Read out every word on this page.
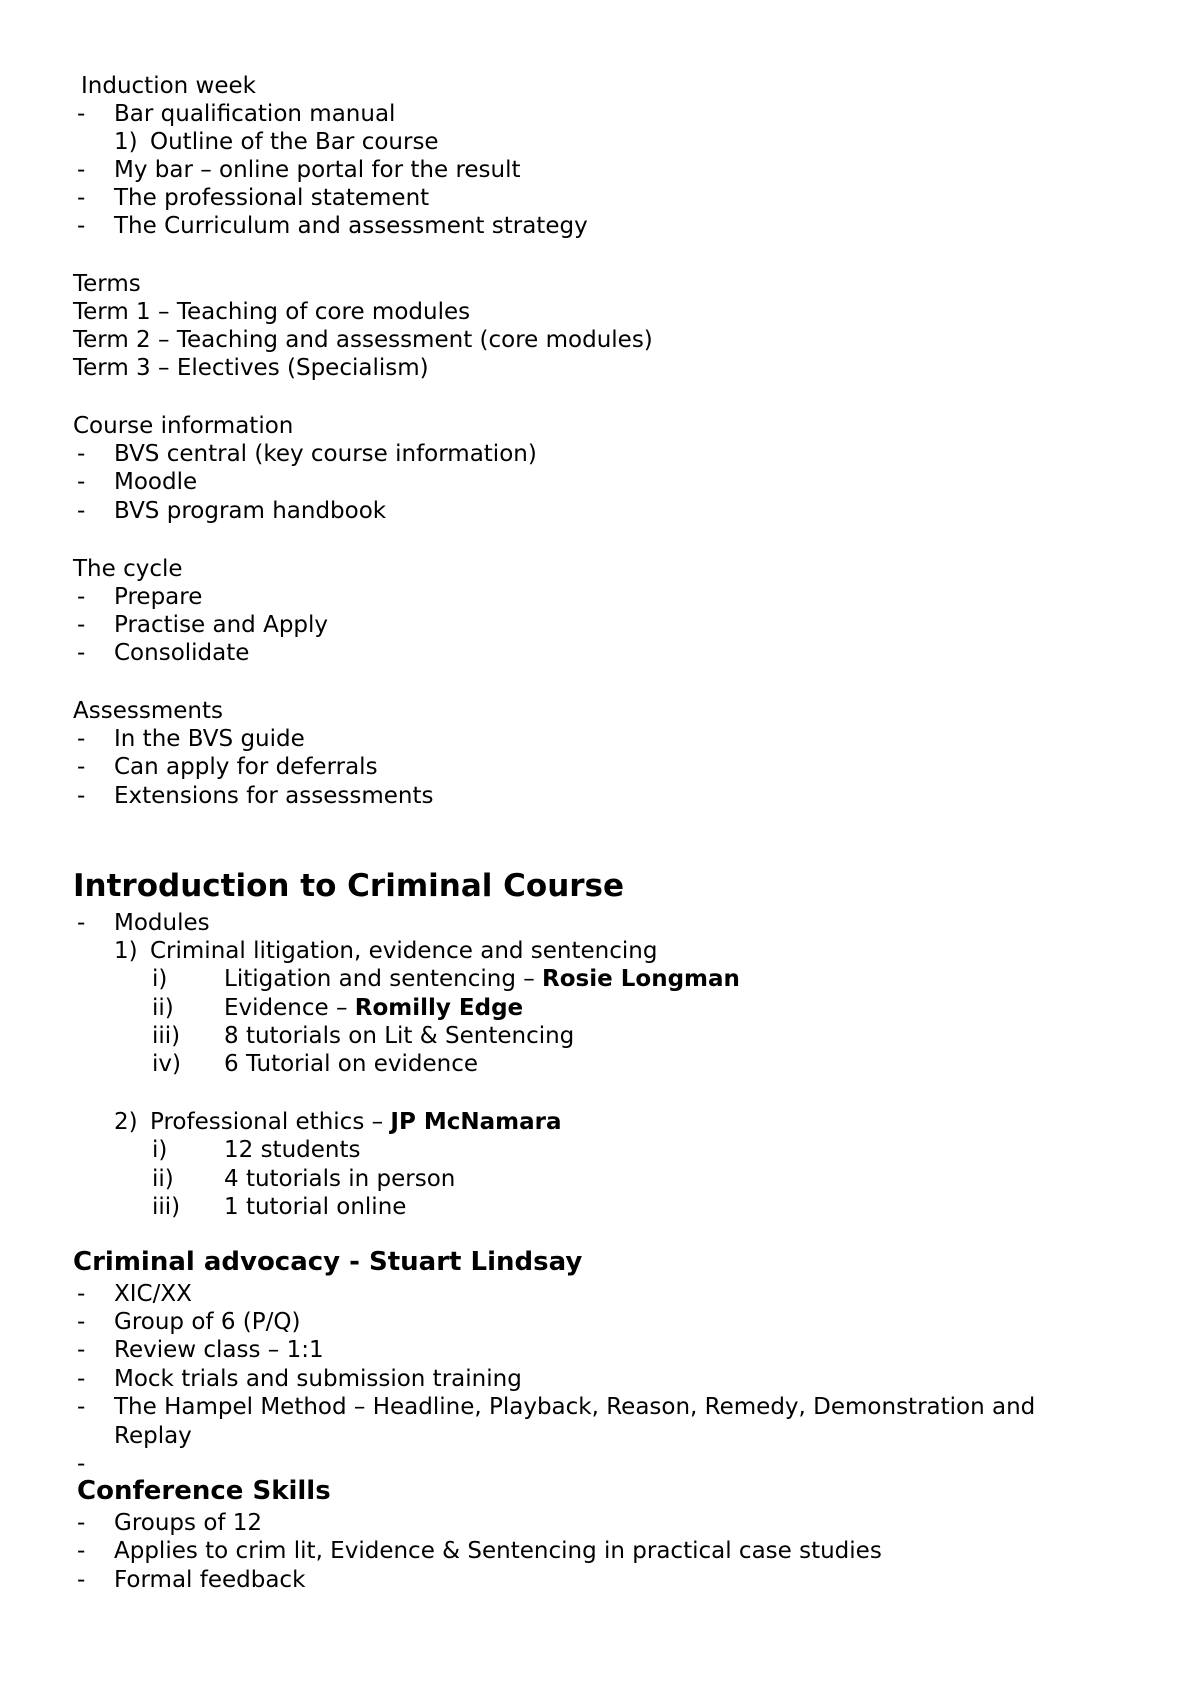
Induction week
- Bar qualification manual
1) Outline of the Bar course
- My bar – online portal for the result
- The professional statement
- The Curriculum and assessment strategy
Terms
Term 1 – Teaching of core modules
Term 2 – Teaching and assessment (core modules)
Term 3 – Electives (Specialism)
Course information
- BVS central (key course information)
- Moodle
- BVS program handbook
The cycle
- Prepare
- Practise and Apply
- Consolidate
Assessments
- In the BVS guide
- Can apply for deferrals
- Extensions for assessments
Introduction to Criminal Course
- Modules
1) Criminal litigation, evidence and sentencing
i) Litigation and sentencing – Rosie Longman
ii) Evidence – Romilly Edge
iii) 8 tutorials on Lit & Sentencing
iv) 6 Tutorial on evidence
2) Professional ethics – JP McNamara
i) 12 students
ii) 4 tutorials in person
iii) 1 tutorial online
Criminal advocacy - Stuart Lindsay
- XIC/XX
- Group of 6 (P/Q)
- Review class – 1:1
- Mock trials and submission training
- The Hampel Method – Headline, Playback, Reason, Remedy, Demonstration and
Replay
-
Conference Skills
- Groups of 12
- Applies to crim lit, Evidence & Sentencing in practical case studies
- Formal feedback
